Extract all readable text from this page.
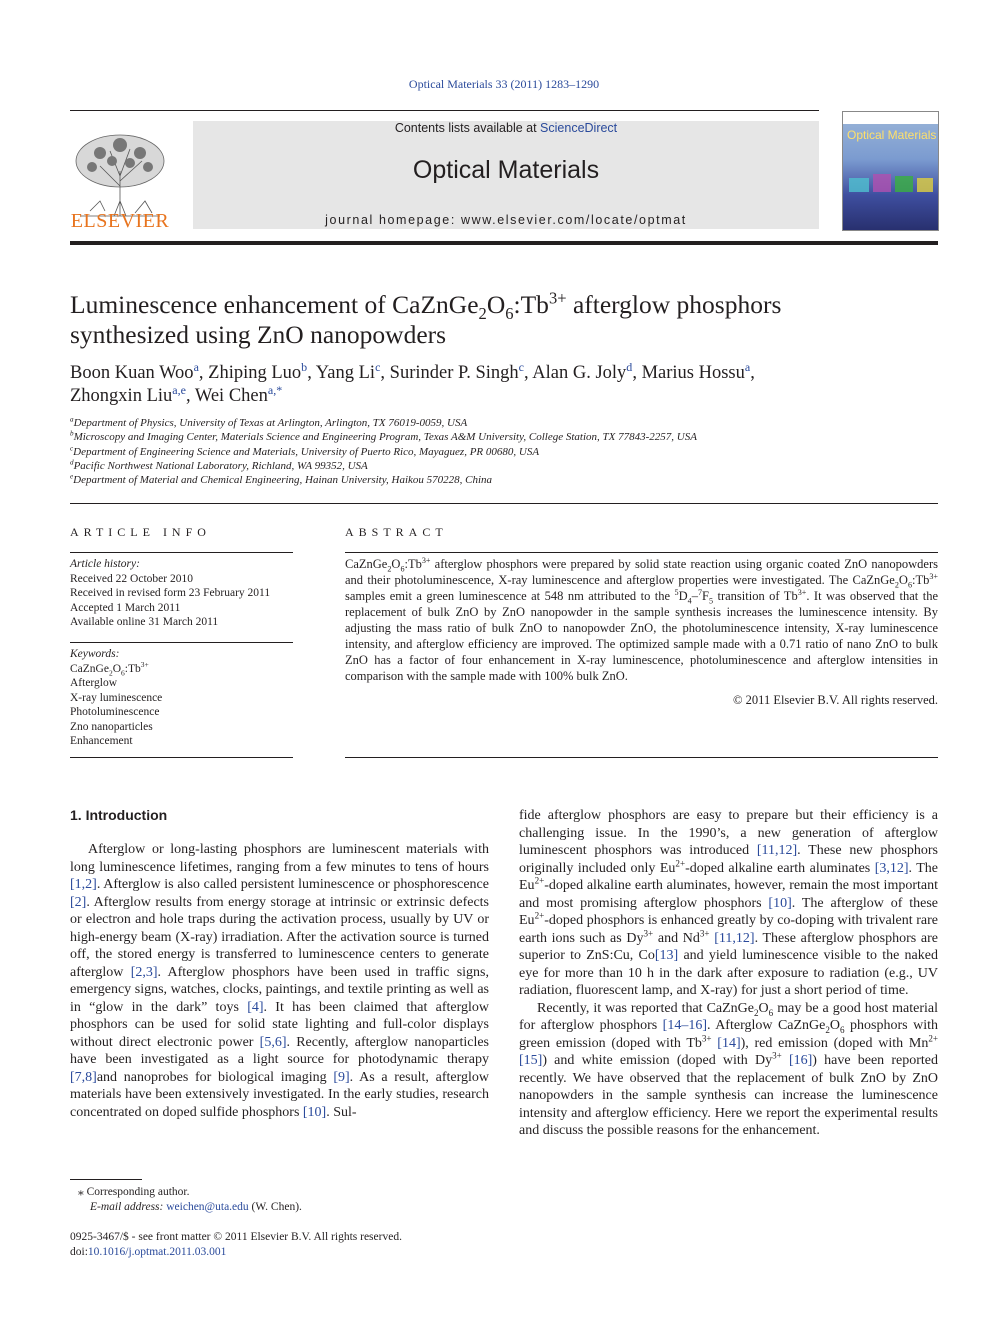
Optical Materials 33 (2011) 1283–1290
ELSEVIER
Contents lists available at ScienceDirect
Optical Materials
journal homepage: www.elsevier.com/locate/optmat
Optical Materials
Luminescence enhancement of $CaZnGe_2O_6:Tb^{3+}$ afterglow phosphors
synthesized using ZnO nanopowders
Boon Kuan Woo$^a$, Zhiping Luo$^b$, Yang Li$^c$, Surinder P. Singh$^c$, Alan G. Joly$^d$, Marius Hossu$^a$,
Zhongxin Liu$^{a,e}$, Wei Chen$^{a,*}$
$^a$Department of Physics, University of Texas at Arlington, Arlington, TX 76019-0059, USA
$^b$Microscopy and Imaging Center, Materials Science and Engineering Program, Texas A&M University, College Station, TX 77843-2257, USA
$^c$Department of Engineering Science and Materials, University of Puerto Rico, Mayaguez, PR 00680, USA
$^d$Pacific Northwest National Laboratory, Richland, WA 99352, USA
$^e$Department of Material and Chemical Engineering, Hainan University, Haikou 570228, China
ARTICLE INFO
Article history:
Received 22 October 2010
Received in revised form 23 February 2011
Accepted 1 March 2011
Available online 31 March 2011
Keywords:
$CaZnGe_2O_6:Tb^{3+}$
Afterglow
X-ray luminescence
Photoluminescence
Zno nanoparticles
Enhancement
ABSTRACT
$CaZnGe_2O_6:Tb^{3+}$ afterglow phosphors were prepared by solid state reaction using organic coated ZnO nanopowders and their photoluminescence, X-ray luminescence and afterglow properties were investigated. The $CaZnGe_2O_6:Tb^{3+}$ samples emit a green luminescence at 548 nm attributed to the $^5D_4-^7F_5$ transition of $Tb^{3+}$. It was observed that the replacement of bulk ZnO by ZnO nanopowder in the sample synthesis increases the luminescence intensity. By adjusting the mass ratio of bulk ZnO to nanopowder ZnO, the photoluminescence intensity, X-ray luminescence intensity, and afterglow efficiency are improved. The optimized sample made with a 0.71 ratio of nano ZnO to bulk ZnO has a factor of four enhancement in X-ray luminescence, photoluminescence and afterglow intensities in comparison with the sample made with 100% bulk ZnO.
© 2011 Elsevier B.V. All rights reserved.
1. Introduction

Afterglow or long-lasting phosphors are luminescent materials with long luminescence lifetimes, ranging from a few minutes to tens of hours [1,2]. Afterglow is also called persistent luminescence or phosphorescence [2]. Afterglow results from energy storage at intrinsic or extrinsic defects or electron and hole traps during the activation process, usually by UV or high-energy beam (X-ray) irradiation. After the activation source is turned off, the stored energy is transferred to luminescence centers to generate afterglow [2,3]. Afterglow phosphors have been used in traffic signs, emergency signs, watches, clocks, paintings, and textile printing as well as in “glow in the dark” toys [4]. It has been claimed that afterglow phosphors can be used for solid state lighting and full-color displays without direct electronic power [5,6]. Recently, afterglow nanoparticles have been investigated as a light source for photodynamic therapy [7,8]and nanoprobes for biological imaging [9]. As a result, afterglow materials have been extensively investigated. In the early studies, research concentrated on doped sulfide phosphors [10]. Sul-

fide afterglow phosphors are easy to prepare but their efficiency is a challenging issue. In the 1990’s, a new generation of afterglow luminescent phosphors was introduced [11,12]. These new phosphors originally included only $Eu^{2+}$-doped alkaline earth aluminates [3,12]. The $Eu^{2+}$-doped alkaline earth aluminates, however, remain the most important and most promising afterglow phosphors [10]. The afterglow of these $Eu^{2+}$-doped phosphors is enhanced greatly by co-doping with trivalent rare earth ions such as $Dy^{3+}$ and $Nd^{3+}$ [11,12]. These afterglow phosphors are superior to ZnS:Cu, Co[13] and yield luminescence visible to the naked eye for more than 10 h in the dark after exposure to radiation (e.g., UV radiation, fluorescent lamp, and X-ray) for just a short period of time.

Recently, it was reported that $CaZnGe_2O_6$ may be a good host material for afterglow phosphors [14–16]. Afterglow $CaZnGe_2O_6$ phosphors with green emission (doped with $Tb^{3+}$ [14]), red emission (doped with $Mn^{2+}$ [15]) and white emission (doped with $Dy^{3+}$ [16]) have been reported recently. We have observed that the replacement of bulk ZnO by ZnO nanopowders in the sample synthesis can increase the luminescence intensity and afterglow efficiency. Here we report the experimental results and discuss the possible reasons for the enhancement.

⁎ Corresponding author.
E-mail address: weichen@uta.edu (W. Chen).
0925-3467/$ - see front matter © 2011 Elsevier B.V. All rights reserved.
doi:10.1016/j.optmat.2011.03.001
